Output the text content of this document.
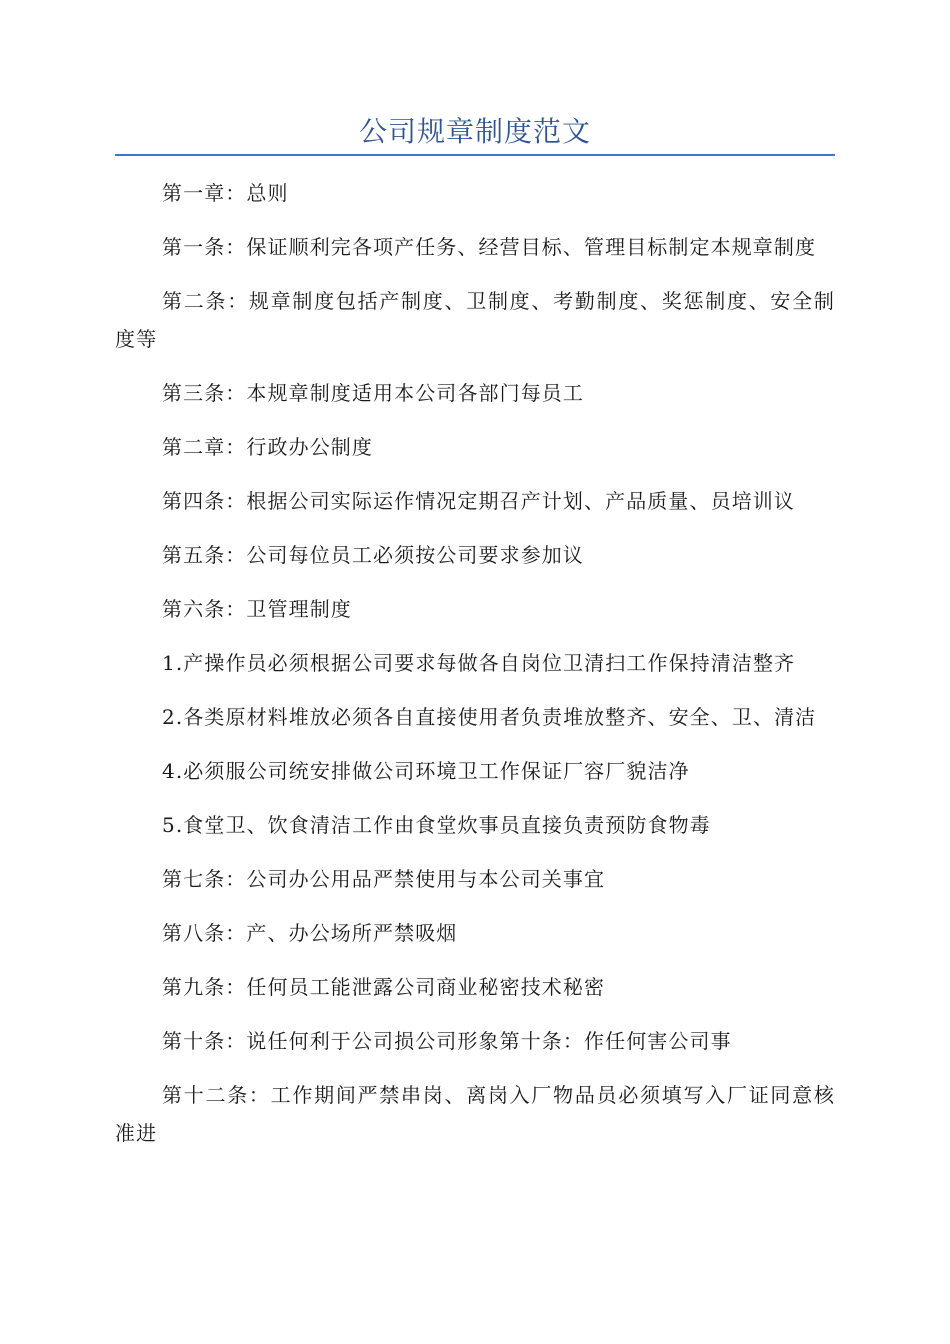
公司规章制度范文

第一章：总则

第一条：保证顺利完各项产任务、经营目标、管理目标制定本规章制度

第二条：规章制度包括产制度、卫制度、考勤制度、奖惩制度、安全制度等

第三条：本规章制度适用本公司各部门每员工

第二章：行政办公制度

第四条：根据公司实际运作情况定期召产计划、产品质量、员培训议

第五条：公司每位员工必须按公司要求参加议

第六条：卫管理制度

1.产操作员必须根据公司要求每做各自岗位卫清扫工作保持清洁整齐

2.各类原材料堆放必须各自直接使用者负责堆放整齐、安全、卫、清洁

4.必须服公司统安排做公司环境卫工作保证厂容厂貌洁净

5.食堂卫、饮食清洁工作由食堂炊事员直接负责预防食物毒

第七条：公司办公用品严禁使用与本公司关事宜

第八条：产、办公场所严禁吸烟

第九条：任何员工能泄露公司商业秘密技术秘密

第十条：说任何利于公司损公司形象第十条：作任何害公司事

第十二条：工作期间严禁串岗、离岗入厂物品员必须填写入厂证同意核准进
